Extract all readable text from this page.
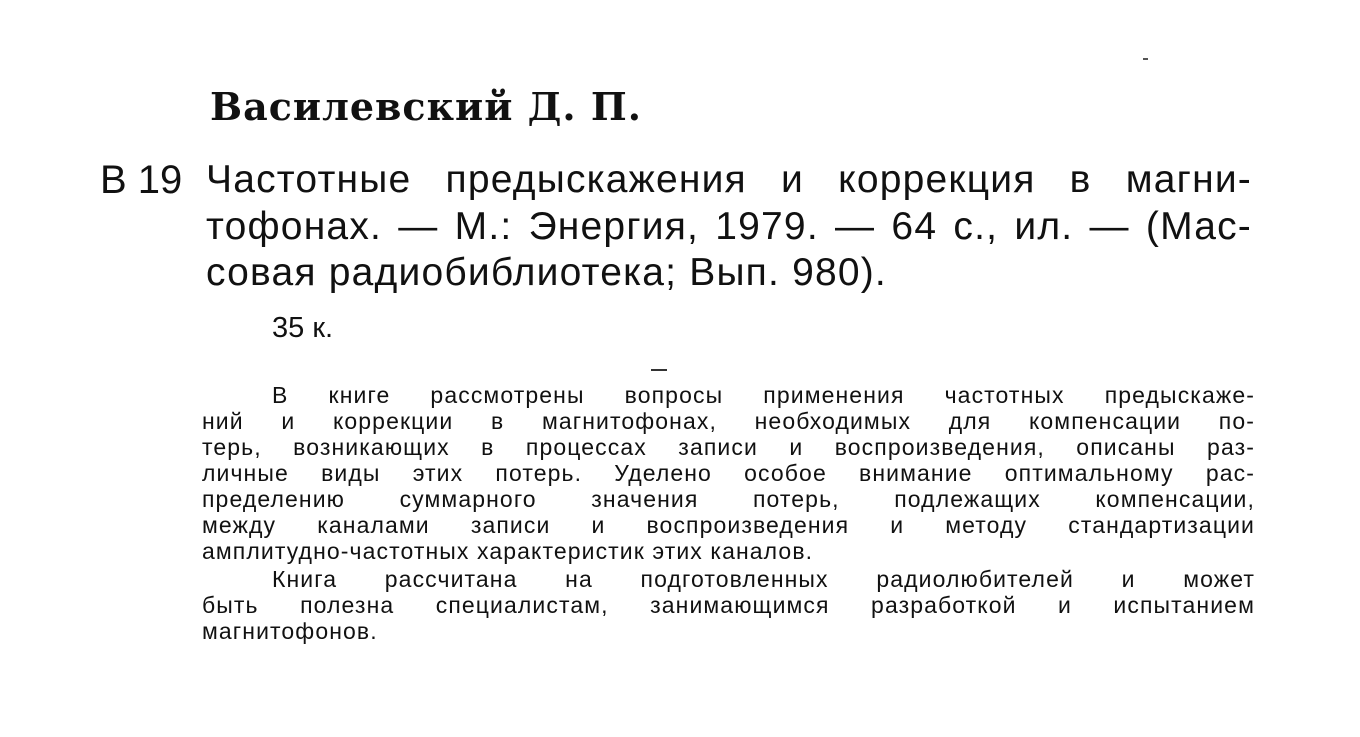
Василевский Д. П.
В 19 Частотные предыскажения и коррекция в магни-
тофонах. — М.: Энергия, 1979. — 64 с., ил. — (Мас-
совая радиобиблиотека; Вып. 980).
35 к.
В книге рассмотрены вопросы применения частотных предыскаже-
ний и коррекции в магнитофонах, необходимых для компенсации по-
терь, возникающих в процессах записи и воспроизведения, описаны раз-
личные виды этих потерь. Уделено особое внимание оптимальному рас-
пределению суммарного значения потерь, подлежащих компенсации,
между каналами записи и воспроизведения и методу стандартизации
амплитудно-частотных характеристик этих каналов.
Книга рассчитана на подготовленных радиолюбителей и может
быть полезна специалистам, занимающимся разработкой и испытанием
магнитофонов.
